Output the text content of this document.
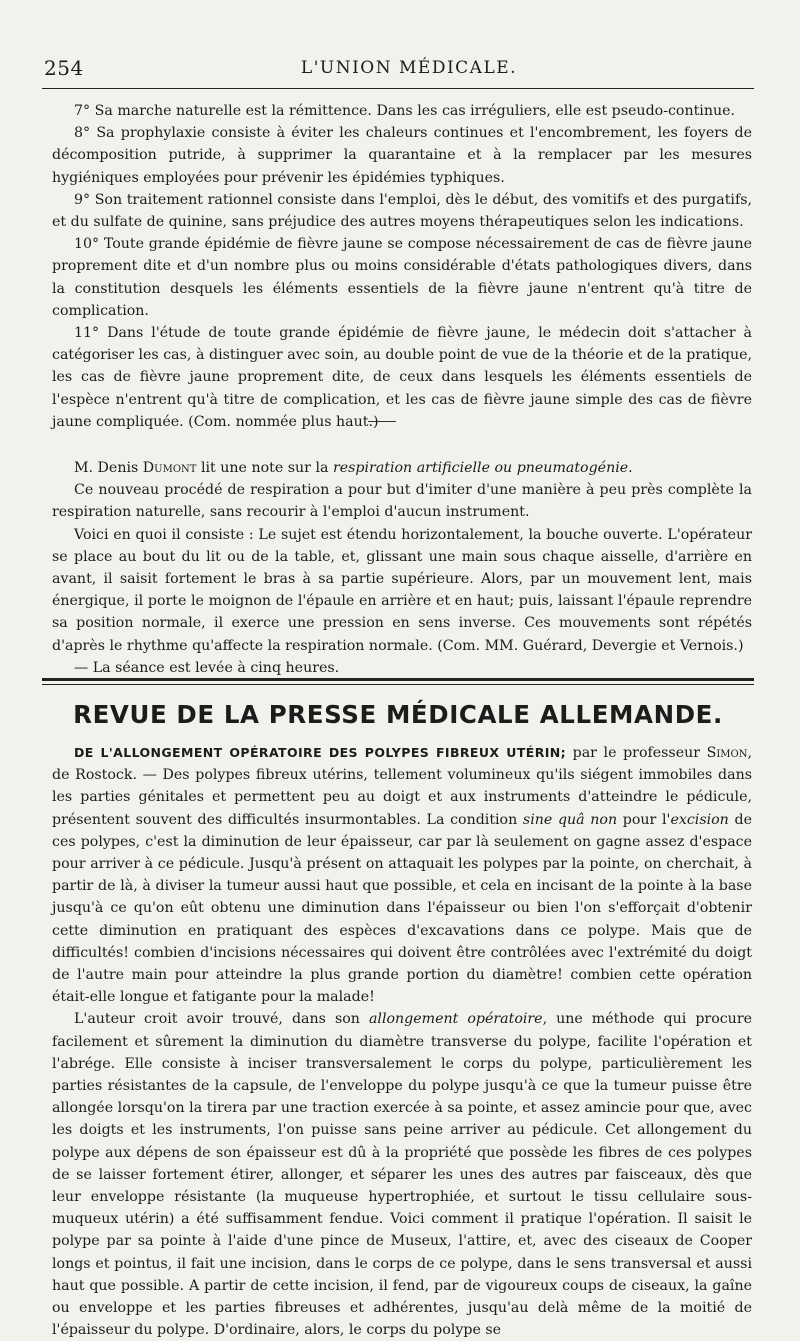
254	L'UNION MÉDICALE.

7° Sa marche naturelle est la rémittence. Dans les cas irréguliers, elle est pseudo-continue.

8° Sa prophylaxie consiste à éviter les chaleurs continues et l'encombrement, les foyers de décomposition putride, à supprimer la quarantaine et à la remplacer par les mesures hygiéniques employées pour prévenir les épidémies typhiques.

9° Son traitement rationnel consiste dans l'emploi, dès le début, des vomitifs et des purgatifs, et du sulfate de quinine, sans préjudice des autres moyens thérapeutiques selon les indications.

10° Toute grande épidémie de fièvre jaune se compose nécessairement de cas de fièvre jaune proprement dite et d'un nombre plus ou moins considérable d'états pathologiques divers, dans la constitution desquels les éléments essentiels de la fièvre jaune n'entrent qu'à titre de complication.

11° Dans l'étude de toute grande épidémie de fièvre jaune, le médecin doit s'attacher à catégoriser les cas, à distinguer avec soin, au double point de vue de la théorie et de la pratique, les cas de fièvre jaune proprement dite, de ceux dans lesquels les éléments essentiels de l'espèce n'entrent qu'à titre de complication, et les cas de fièvre jaune simple des cas de fièvre jaune compliquée. (Com. nommée plus haut.)

M. Denis Dumont lit une note sur la respiration artificielle ou pneumatogénie.

Ce nouveau procédé de respiration a pour but d'imiter d'une manière à peu près complète la respiration naturelle, sans recourir à l'emploi d'aucun instrument.

Voici en quoi il consiste : Le sujet est étendu horizontalement, la bouche ouverte. L'opérateur se place au bout du lit ou de la table, et, glissant une main sous chaque aisselle, d'arrière en avant, il saisit fortement le bras à sa partie supérieure. Alors, par un mouvement lent, mais énergique, il porte le moignon de l'épaule en arrière et en haut; puis, laissant l'épaule reprendre sa position normale, il exerce une pression en sens inverse. Ces mouvements sont répétés d'après le rhythme qu'affecte la respiration normale. (Com. MM. Guérard, Devergie et Vernois.)

— La séance est levée à cinq heures.

REVUE DE LA PRESSE MÉDICALE ALLEMANDE.

DE L'ALLONGEMENT OPÉRATOIRE DES POLYPES FIBREUX UTÉRIN; par le professeur Simon, de Rostock. — Des polypes fibreux utérins, tellement volumineux qu'ils siégent immobiles dans les parties génitales et permettent peu au doigt et aux instruments d'atteindre le pédicule, présentent souvent des difficultés insurmontables. La condition sine quâ non pour l'excision de ces polypes, c'est la diminution de leur épaisseur, car par là seulement on gagne assez d'espace pour arriver à ce pédicule. Jusqu'à présent on attaquait les polypes par la pointe, on cherchait, à partir de là, à diviser la tumeur aussi haut que possible, et cela en incisant de la pointe à la base jusqu'à ce qu'on eût obtenu une diminution dans l'épaisseur ou bien l'on s'efforçait d'obtenir cette diminution en pratiquant des espèces d'excavations dans ce polype. Mais que de difficultés! combien d'incisions nécessaires qui doivent être contrôlées avec l'extrémité du doigt de l'autre main pour atteindre la plus grande portion du diamètre! combien cette opération était-elle longue et fatigante pour la malade!

L'auteur croit avoir trouvé, dans son allongement opératoire, une méthode qui procure facilement et sûrement la diminution du diamètre transverse du polype, facilite l'opération et l'abrége. Elle consiste à inciser transversalement le corps du polype, particulièrement les parties résistantes de la capsule, de l'enveloppe du polype jusqu'à ce que la tumeur puisse être allongée lorsqu'on la tirera par une traction exercée à sa pointe, et assez amincie pour que, avec les doigts et les instruments, l'on puisse sans peine arriver au pédicule. Cet allongement du polype aux dépens de son épaisseur est dû à la propriété que possède les fibres de ces polypes de se laisser fortement étirer, allonger, et séparer les unes des autres par faisceaux, dès que leur enveloppe résistante (la muqueuse hypertrophiée, et surtout le tissu cellulaire sous-muqueux utérin) a été suffisamment fendue. Voici comment il pratique l'opération. Il saisit le polype par sa pointe à l'aide d'une pince de Museux, l'attire, et, avec des ciseaux de Cooper longs et pointus, il fait une incision, dans le corps de ce polype, dans le sens transversal et aussi haut que possible. A partir de cette incision, il fend, par de vigoureux coups de ciseaux, la gaîne ou enveloppe et les parties fibreuses et adhérentes, jusqu'au delà même de la moitié de l'épaisseur du polype. D'ordinaire, alors, le corps du polype se
